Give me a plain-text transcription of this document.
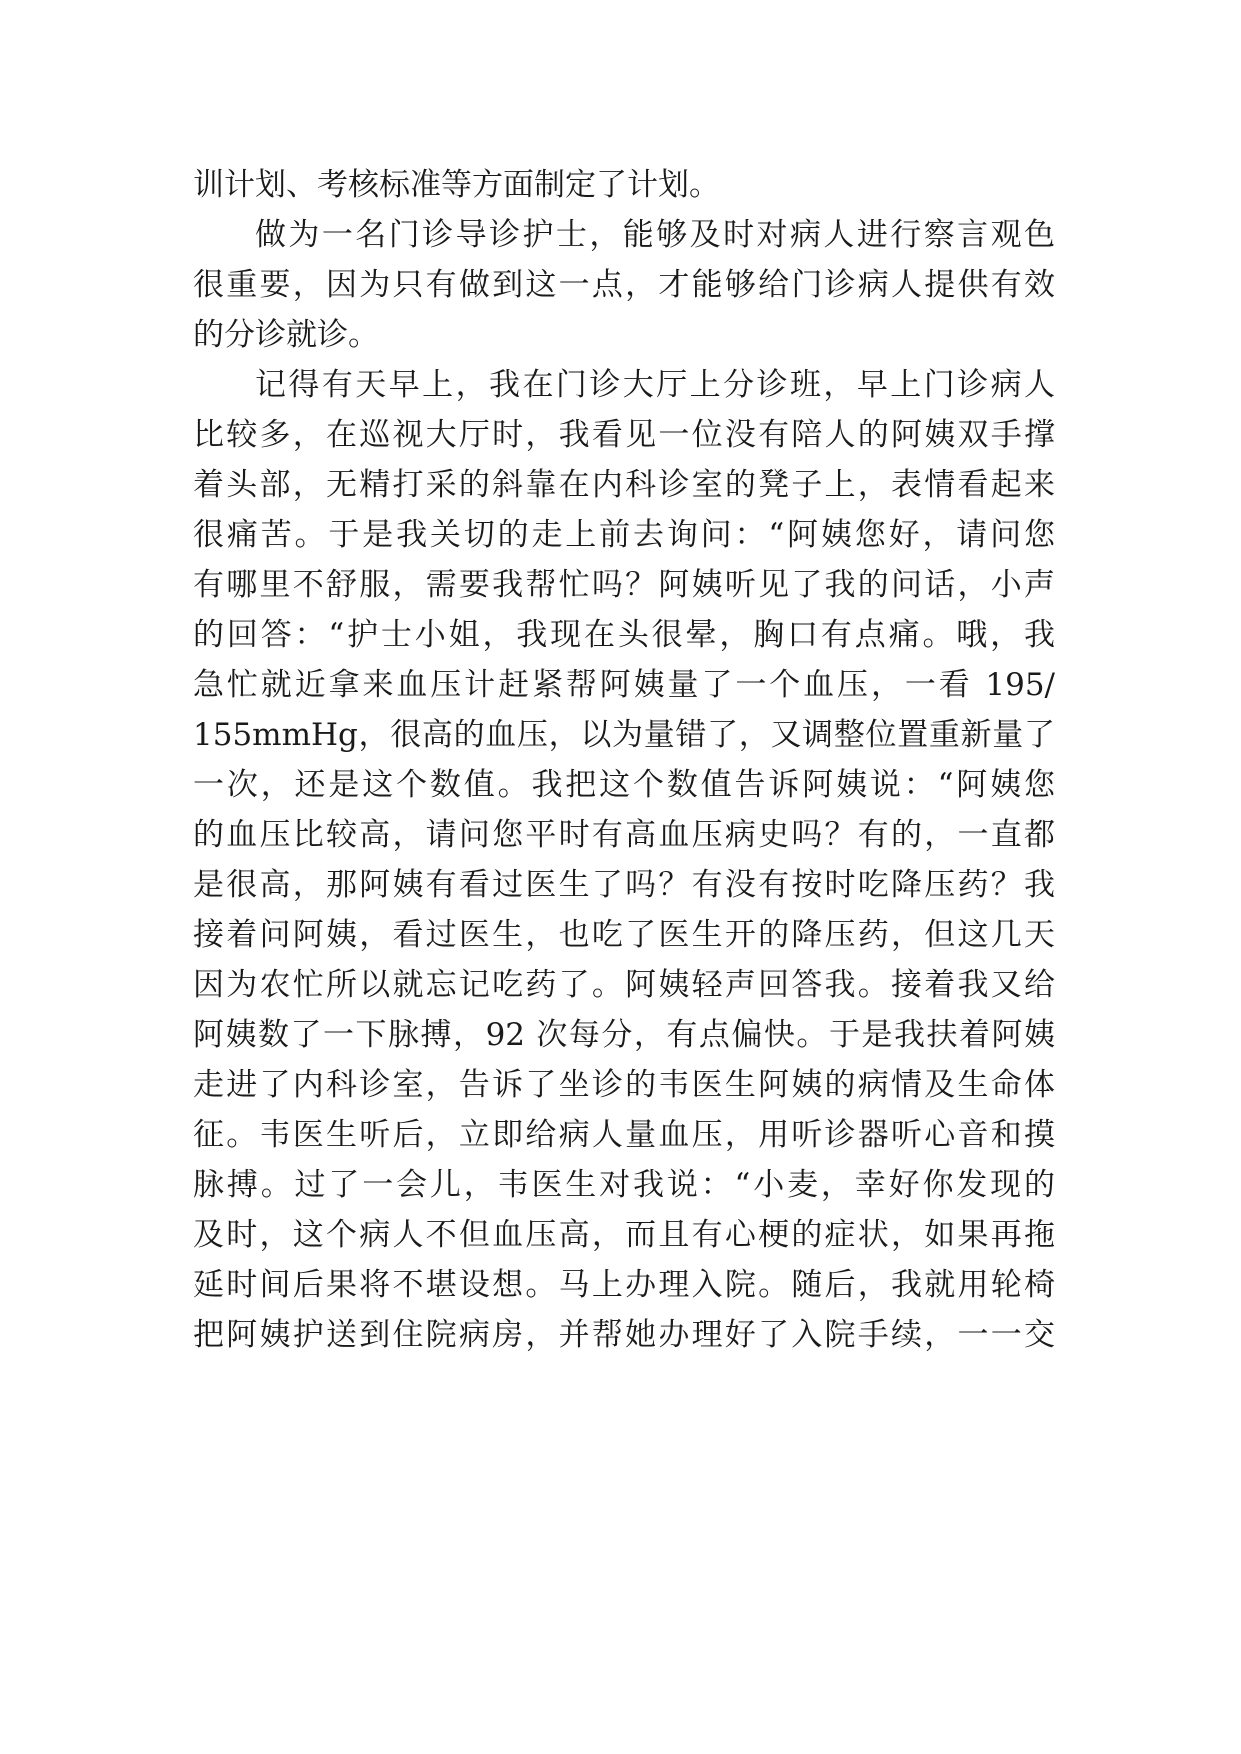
训计划、考核标准等方面制定了计划。
做为一名门诊导诊护士，能够及时对病人进行察言观色
很重要，因为只有做到这一点，才能够给门诊病人提供有效
的分诊就诊。
记得有天早上，我在门诊大厅上分诊班，早上门诊病人
比较多，在巡视大厅时，我看见一位没有陪人的阿姨双手撑
着头部，无精打采的斜靠在内科诊室的凳子上，表情看起来
很痛苦。于是我关切的走上前去询问：“阿姨您好，请问您
有哪里不舒服，需要我帮忙吗？阿姨听见了我的问话，小声
的回答：“护士小姐，我现在头很晕，胸口有点痛。哦，我
急忙就近拿来血压计赶紧帮阿姨量了一个血压，一看 195/
155mmHg，很高的血压，以为量错了，又调整位置重新量了
一次，还是这个数值。我把这个数值告诉阿姨说：“阿姨您
的血压比较高，请问您平时有高血压病史吗？有的，一直都
是很高，那阿姨有看过医生了吗？有没有按时吃降压药？我
接着问阿姨，看过医生，也吃了医生开的降压药，但这几天
因为农忙所以就忘记吃药了。阿姨轻声回答我。接着我又给
阿姨数了一下脉搏，92 次每分，有点偏快。于是我扶着阿姨
走进了内科诊室，告诉了坐诊的韦医生阿姨的病情及生命体
征。韦医生听后，立即给病人量血压，用听诊器听心音和摸
脉搏。过了一会儿，韦医生对我说：“小麦，幸好你发现的
及时，这个病人不但血压高，而且有心梗的症状，如果再拖
延时间后果将不堪设想。马上办理入院。随后，我就用轮椅
把阿姨护送到住院病房，并帮她办理好了入院手续，一一交
